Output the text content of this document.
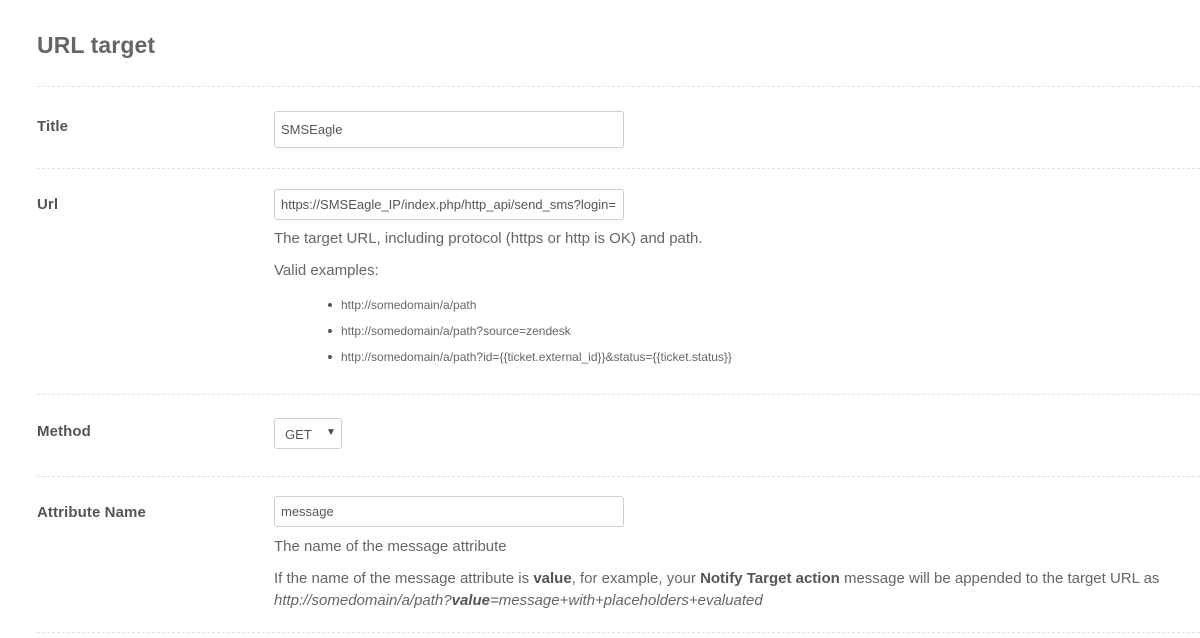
URL target
Title	SMSEagle
Url	https://SMSEagle_IP/index.php/http_api/send_sms?login=
The target URL, including protocol (https or http is OK) and path.
Valid examples:
http://somedomain/a/path
http://somedomain/a/path?source=zendesk
http://somedomain/a/path?id={{ticket.external_id}}&status={{ticket.status}}
Method	GET ▼
Attribute Name	message
The name of the message attribute
If the name of the message attribute is value, for example, your Notify Target action message will be appended to the target URL as
http://somedomain/a/path?value=message+with+placeholders+evaluated
